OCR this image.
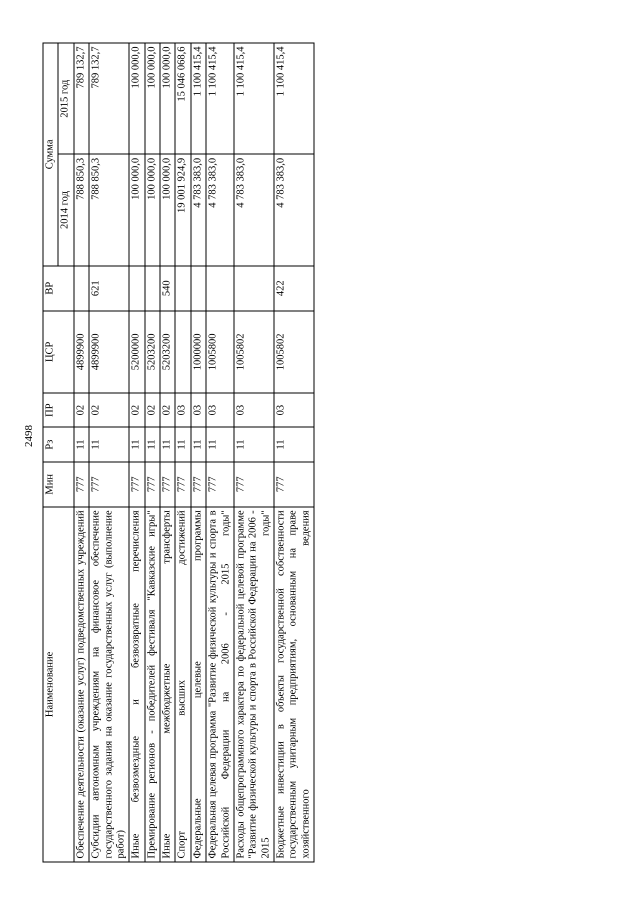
2498
Наименование	Мин	Рз	ПР	ЦСР	ВР	Сумма	
						2014 год	2015 год
Обеспечение деятельности (оказание услуг) подведомственных учреждений	777	11	02	4899900		788 850,3	789 132,7
Субсидии автономным учреждениям на финансовое обеспечение государственного задания на оказание государственных услуг (выполнение работ)	777	11	02	4899900	621	788 850,3	789 132,7
Иные безвозмездные и безвозвратные перечисления	777	11	02	5200000		100 000,0	100 000,0
Премирование регионов - победителей фестиваля "Кавказские игры"	777	11	02	5203200		100 000,0	100 000,0
Иные межбюджетные трансферты	777	11	02	5203200	540	100 000,0	100 000,0
Спорт высших достижений	777	11	03			19 001 924,9	15 046 068,6
Федеральные целевые программы	777	11	03	1000000		4 783 383,0	1 100 415,4
Федеральная целевая программа "Развитие физической культуры и спорта в Российской Федерации на 2006 - 2015 годы"	777	11	03	1005800		4 783 383,0	1 100 415,4
Расходы общепрограммного характера по федеральной целевой программе "Развитие физической культуры и спорта в Российской Федерации на 2006 - 2015 годы"	777	11	03	1005802		4 783 383,0	1 100 415,4
Бюджетные инвестиции в объекты государственной собственности государственным унитарным предприятиям, основанным на праве хозяйственного ведения	777	11	03	1005802	422	4 783 383,0	1 100 415,4
